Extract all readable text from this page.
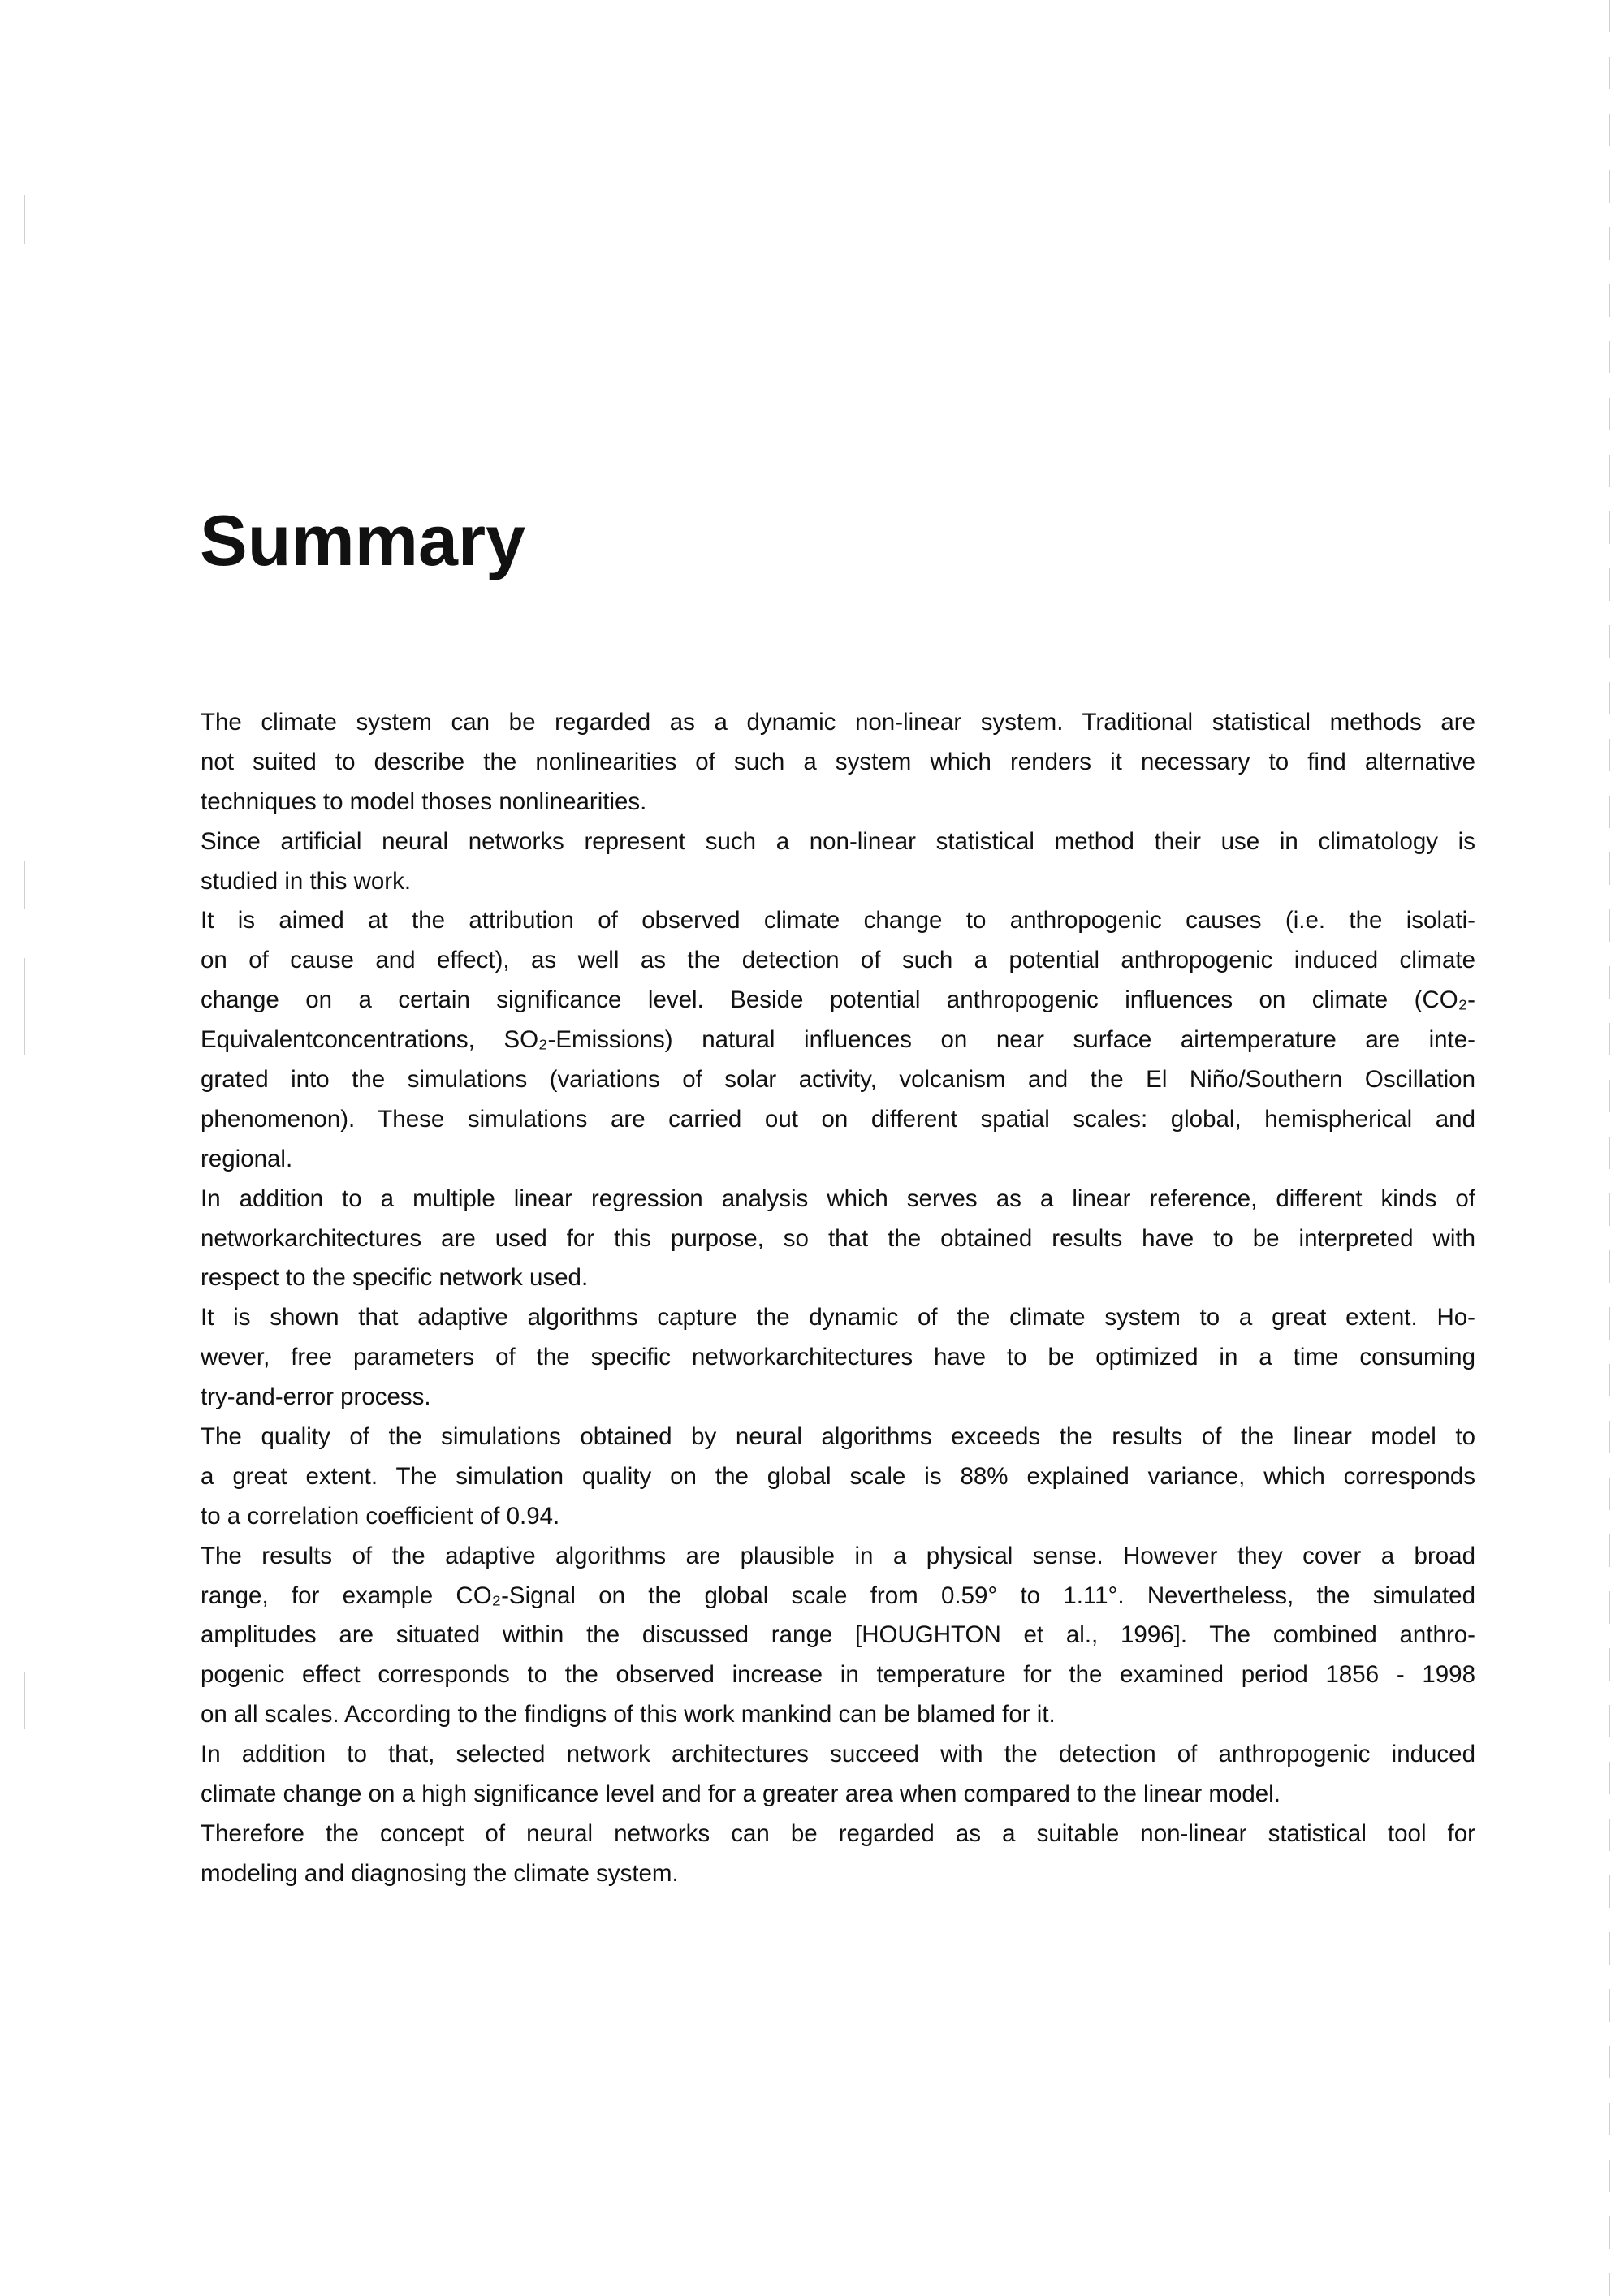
Summary
The climate system can be regarded as a dynamic non-linear system. Traditional statistical methods are
not suited to describe the nonlinearities of such a system which renders it necessary to find alternative
techniques to model thoses nonlinearities.
Since artificial neural networks represent such a non-linear statistical method their use in climatology is
studied in this work.
It is aimed at the attribution of observed climate change to anthropogenic causes (i.e. the isolati-
on of cause and effect), as well as the detection of such a potential anthropogenic induced climate
change on a certain significance level. Beside potential anthropogenic influences on climate (CO₂-
Equivalentconcentrations, SO₂-Emissions) natural influences on near surface airtemperature are inte-
grated into the simulations (variations of solar activity, volcanism and the El Niño/Southern Oscillation
phenomenon). These simulations are carried out on different spatial scales: global, hemispherical and
regional.
In addition to a multiple linear regression analysis which serves as a linear reference, different kinds of
networkarchitectures are used for this purpose, so that the obtained results have to be interpreted with
respect to the specific network used.
It is shown that adaptive algorithms capture the dynamic of the climate system to a great extent. Ho-
wever, free parameters of the specific networkarchitectures have to be optimized in a time consuming
try-and-error process.
The quality of the simulations obtained by neural algorithms exceeds the results of the linear model to
a great extent. The simulation quality on the global scale is 88% explained variance, which corresponds
to a correlation coefficient of 0.94.
The results of the adaptive algorithms are plausible in a physical sense. However they cover a broad
range, for example CO₂-Signal on the global scale from 0.59° to 1.11°. Nevertheless, the simulated
amplitudes are situated within the discussed range [HOUGHTON et al., 1996]. The combined anthro-
pogenic effect corresponds to the observed increase in temperature for the examined period 1856 - 1998
on all scales. According to the findigns of this work mankind can be blamed for it.
In addition to that, selected network architectures succeed with the detection of anthropogenic induced
climate change on a high significance level and for a greater area when compared to the linear model.
Therefore the concept of neural networks can be regarded as a suitable non-linear statistical tool for
modeling and diagnosing the climate system.
